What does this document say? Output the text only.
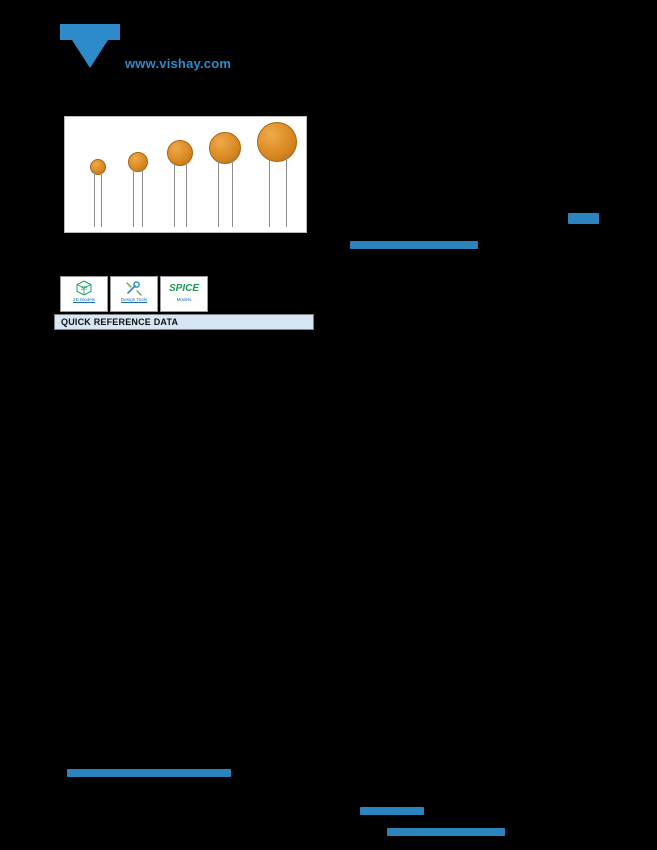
www.vishay.com
3D
3D Models	Design Tools
SPICE
Models
QUICK REFERENCE DATA
